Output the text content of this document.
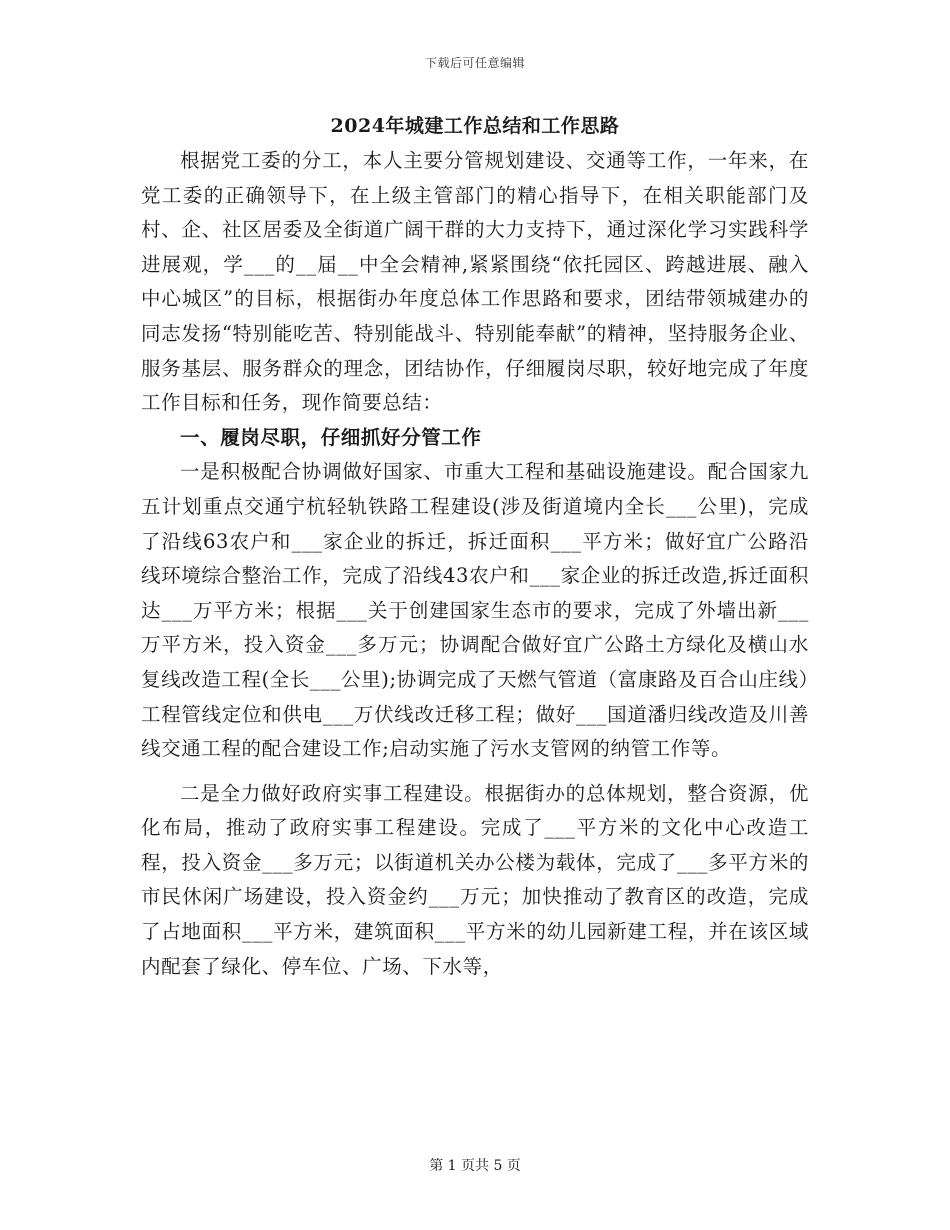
下载后可任意编辑
2024年城建工作总结和工作思路

根据党工委的分工，本人主要分管规划建设、交通等工作，一年来，在党工委的正确领导下，在上级主管部门的精心指导下，在相关职能部门及村、企、社区居委及全街道广阔干群的大力支持下，通过深化学习实践科学进展观，学___的__届__中全会精神,紧紧围绕“依托园区、跨越进展、融入中心城区”的目标，根据街办年度总体工作思路和要求，团结带领城建办的同志发扬“特别能吃苦、特别能战斗、特别能奉献”的精神，坚持服务企业、服务基层、服务群众的理念，团结协作，仔细履岗尽职，较好地完成了年度工作目标和任务，现作简要总结：

一、履岗尽职，仔细抓好分管工作

一是积极配合协调做好国家、市重大工程和基础设施建设。配合国家九五计划重点交通宁杭轻轨铁路工程建设(涉及街道境内全长___公里)，完成了沿线63农户和___家企业的拆迁，拆迁面积___平方米；做好宜广公路沿线环境综合整治工作，完成了沿线43农户和___家企业的拆迁改造,拆迁面积达___万平方米；根据___关于创建国家生态市的要求，完成了外墙出新___万平方米，投入资金___多万元；协调配合做好宜广公路土方绿化及横山水复线改造工程(全长___公里);协调完成了天燃气管道（富康路及百合山庄线）工程管线定位和供电___万伏线改迁移工程；做好___国道潘归线改造及川善线交通工程的配合建设工作;启动实施了污水支管网的纳管工作等。

二是全力做好政府实事工程建设。根据街办的总体规划，整合资源，优化布局，推动了政府实事工程建设。完成了___平方米的文化中心改造工程，投入资金___多万元；以街道机关办公楼为载体，完成了___多平方米的市民休闲广场建设，投入资金约___万元；加快推动了教育区的改造，完成了占地面积___平方米，建筑面积___平方米的幼儿园新建工程，并在该区域内配套了绿化、停车位、广场、下水等，

第 1 页共 5 页
